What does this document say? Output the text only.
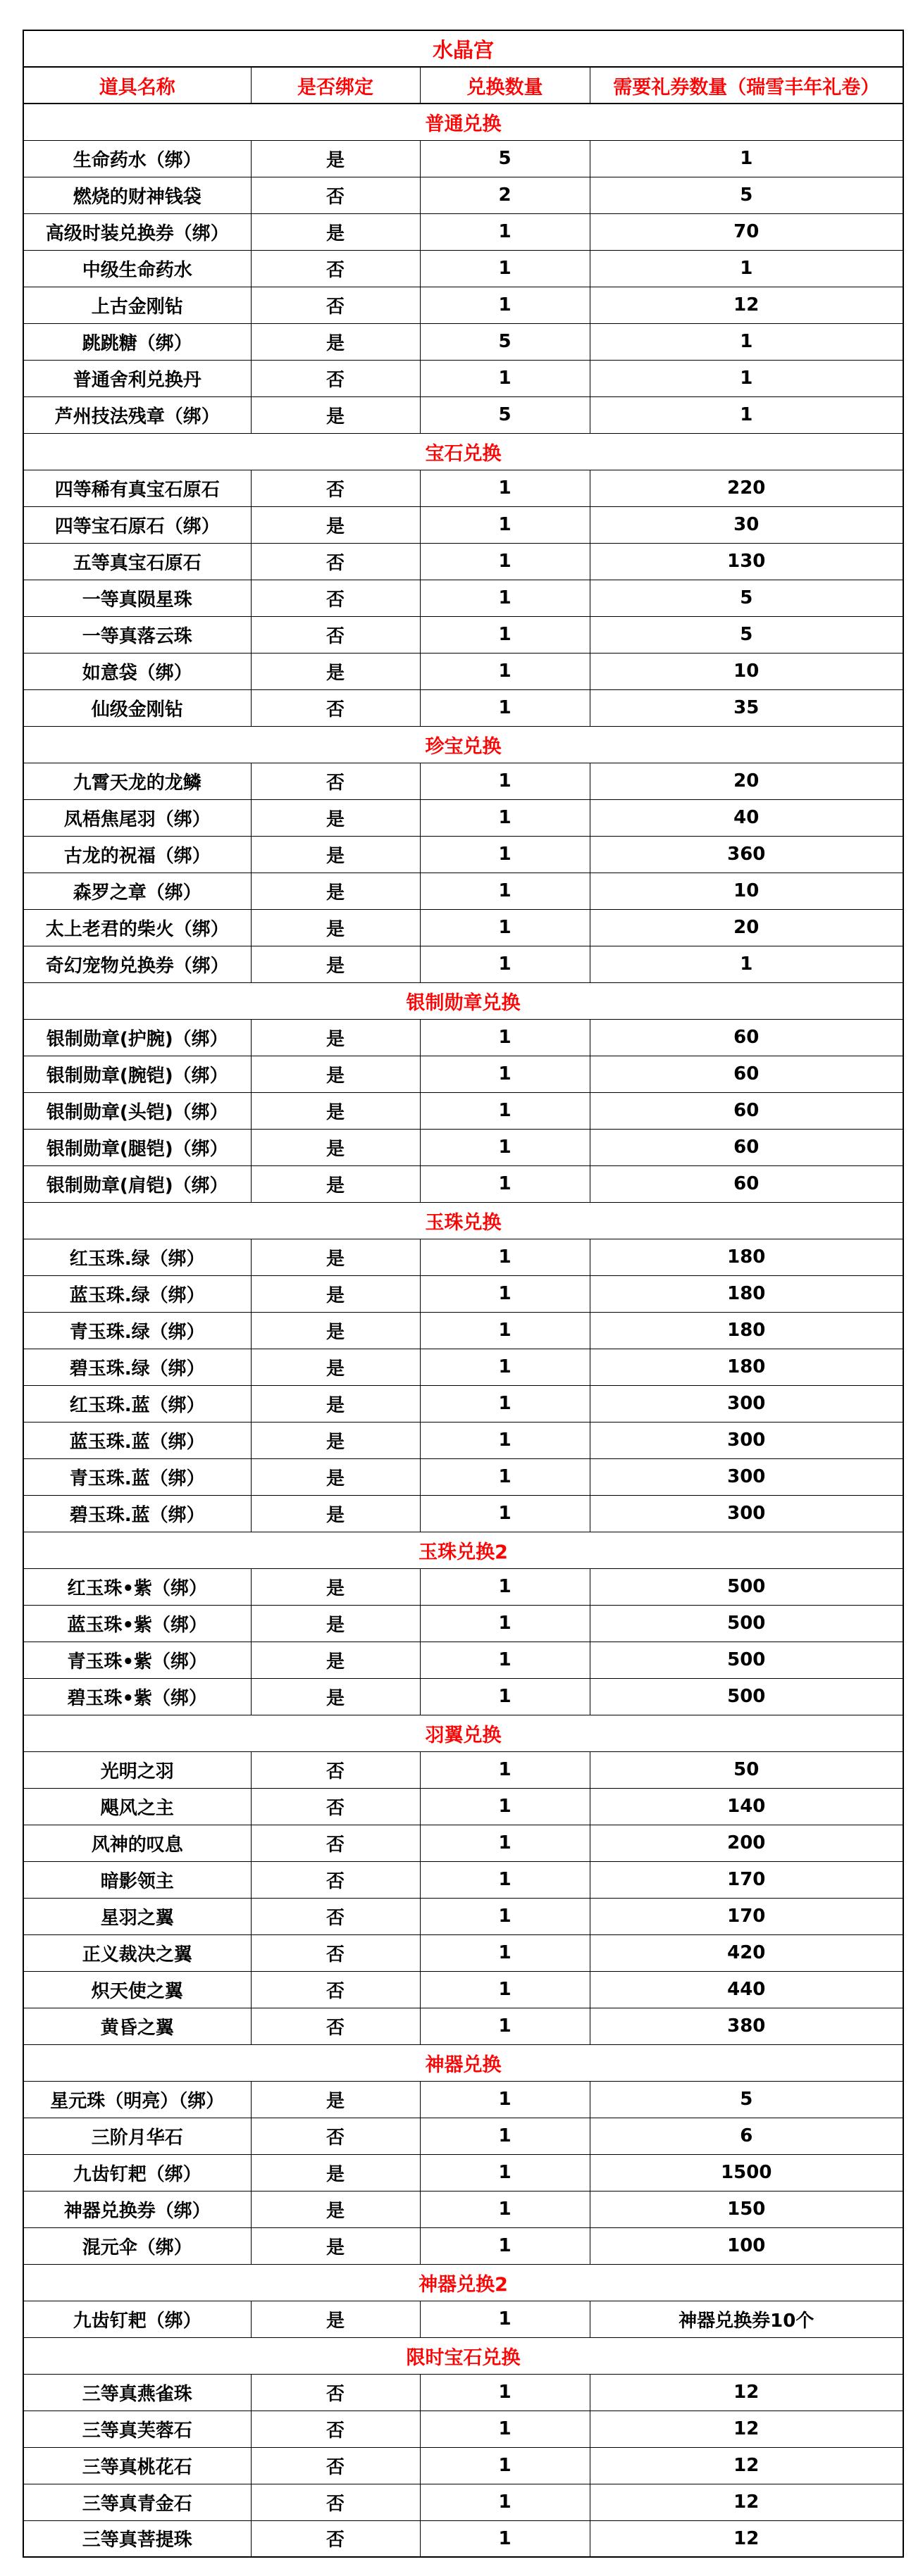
水晶宫			
道具名称	是否绑定	兑换数量	需要礼券数量（瑞雪丰年礼卷）
普通兑换			
生命药水（绑）	是	5	1
燃烧的财神钱袋	否	2	5
高级时装兑换券（绑）	是	1	70
中级生命药水	否	1	1
上古金刚钻	否	1	12
跳跳糖（绑）	是	5	1
普通舍利兑换丹	否	1	1
芦州技法残章（绑）	是	5	1
宝石兑换			
四等稀有真宝石原石	否	1	220
四等宝石原石（绑）	是	1	30
五等真宝石原石	否	1	130
一等真陨星珠	否	1	5
一等真落云珠	否	1	5
如意袋（绑）	是	1	10
仙级金刚钻	否	1	35
珍宝兑换			
九霄天龙的龙鳞	否	1	20
凤梧焦尾羽（绑）	是	1	40
古龙的祝福（绑）	是	1	360
森罗之章（绑）	是	1	10
太上老君的柴火（绑）	是	1	20
奇幻宠物兑换券（绑）	是	1	1
银制勋章兑换			
银制勋章(护腕)（绑）	是	1	60
银制勋章(腕铠)（绑）	是	1	60
银制勋章(头铠)（绑）	是	1	60
银制勋章(腿铠)（绑）	是	1	60
银制勋章(肩铠)（绑）	是	1	60
玉珠兑换			
红玉珠.绿（绑）	是	1	180
蓝玉珠.绿（绑）	是	1	180
青玉珠.绿（绑）	是	1	180
碧玉珠.绿（绑）	是	1	180
红玉珠.蓝（绑）	是	1	300
蓝玉珠.蓝（绑）	是	1	300
青玉珠.蓝（绑）	是	1	300
碧玉珠.蓝（绑）	是	1	300
玉珠兑换2			
红玉珠•紫（绑）	是	1	500
蓝玉珠•紫（绑）	是	1	500
青玉珠•紫（绑）	是	1	500
碧玉珠•紫（绑）	是	1	500
羽翼兑换			
光明之羽	否	1	50
飓风之主	否	1	140
风神的叹息	否	1	200
暗影领主	否	1	170
星羽之翼	否	1	170
正义裁决之翼	否	1	420
炽天使之翼	否	1	440
黄昏之翼	否	1	380
神器兑换			
星元珠（明亮）（绑）	是	1	5
三阶月华石	否	1	6
九齿钉耙（绑）	是	1	1500
神器兑换券（绑）	是	1	150
混元伞（绑）	是	1	100
神器兑换2			
九齿钉耙（绑）	是	1	神器兑换券10个
限时宝石兑换			
三等真燕雀珠	否	1	12
三等真芙蓉石	否	1	12
三等真桃花石	否	1	12
三等真青金石	否	1	12
三等真菩提珠	否	1	12
